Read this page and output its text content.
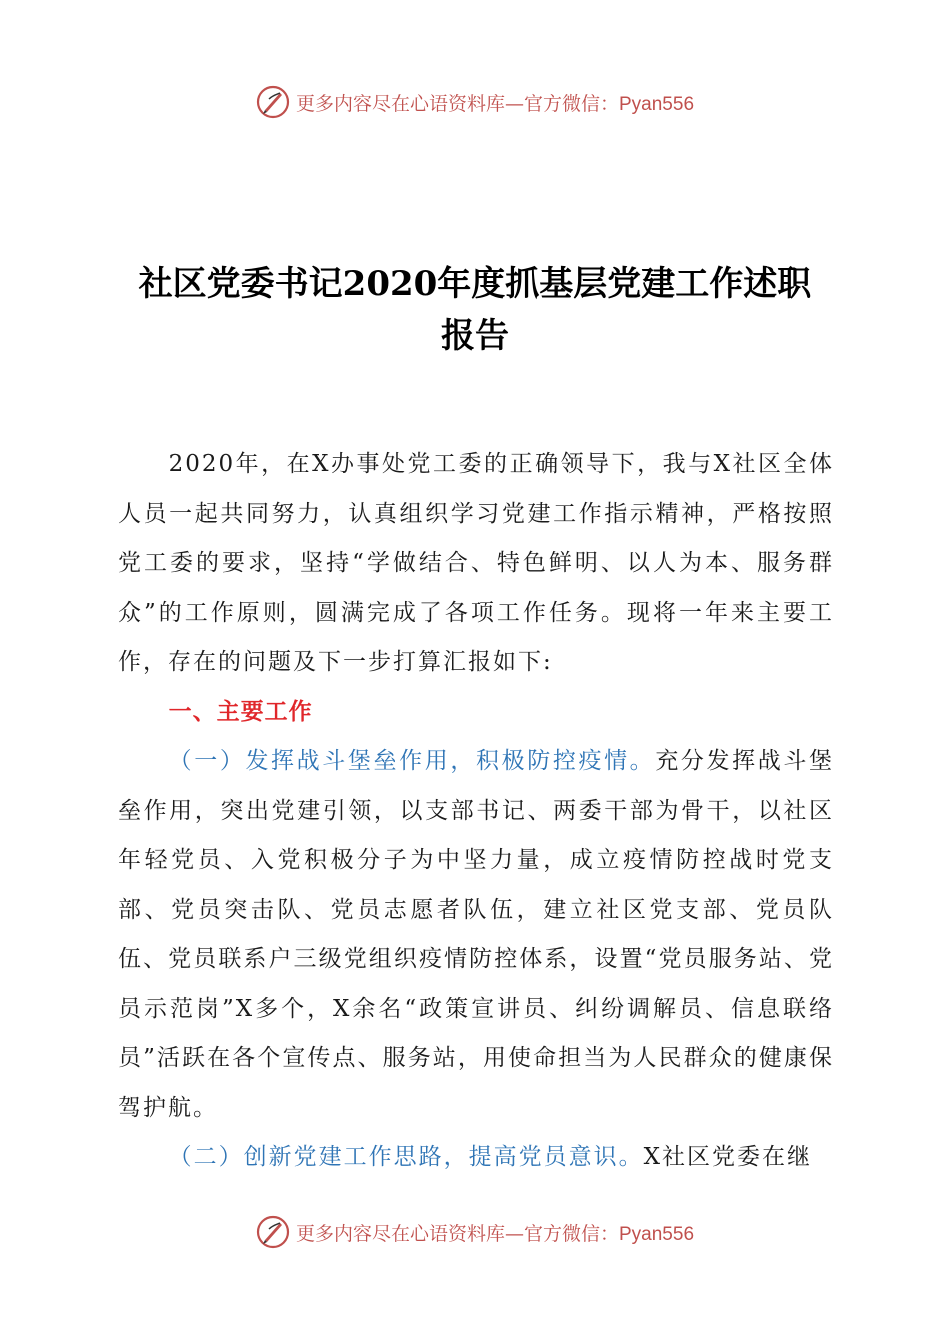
更多内容尽在心语资料库—官方微信：Pyan556
社区党委书记2020年度抓基层党建工作述职
报告

2020年，在X办事处党工委的正确领导下，我与X社区全体人员一起共同努力，认真组织学习党建工作指示精神，严格按照党工委的要求，坚持“学做结合、特色鲜明、以人为本、服务群众”的工作原则，圆满完成了各项工作任务。现将一年来主要工作，存在的问题及下一步打算汇报如下:

一、主要工作

（一）发挥战斗堡垒作用，积极防控疫情。充分发挥战斗堡垒作用，突出党建引领，以支部书记、两委干部为骨干，以社区年轻党员、入党积极分子为中坚力量，成立疫情防控战时党支部、党员突击队、党员志愿者队伍，建立社区党支部、党员队伍、党员联系户三级党组织疫情防控体系，设置“党员服务站、党员示范岗”X多个，X余名“政策宣讲员、纠纷调解员、信息联络员”活跃在各个宣传点、服务站，用使命担当为人民群众的健康保驾护航。

（二）创新党建工作思路，提高党员意识。X社区党委在继

更多内容尽在心语资料库—官方微信：Pyan556
